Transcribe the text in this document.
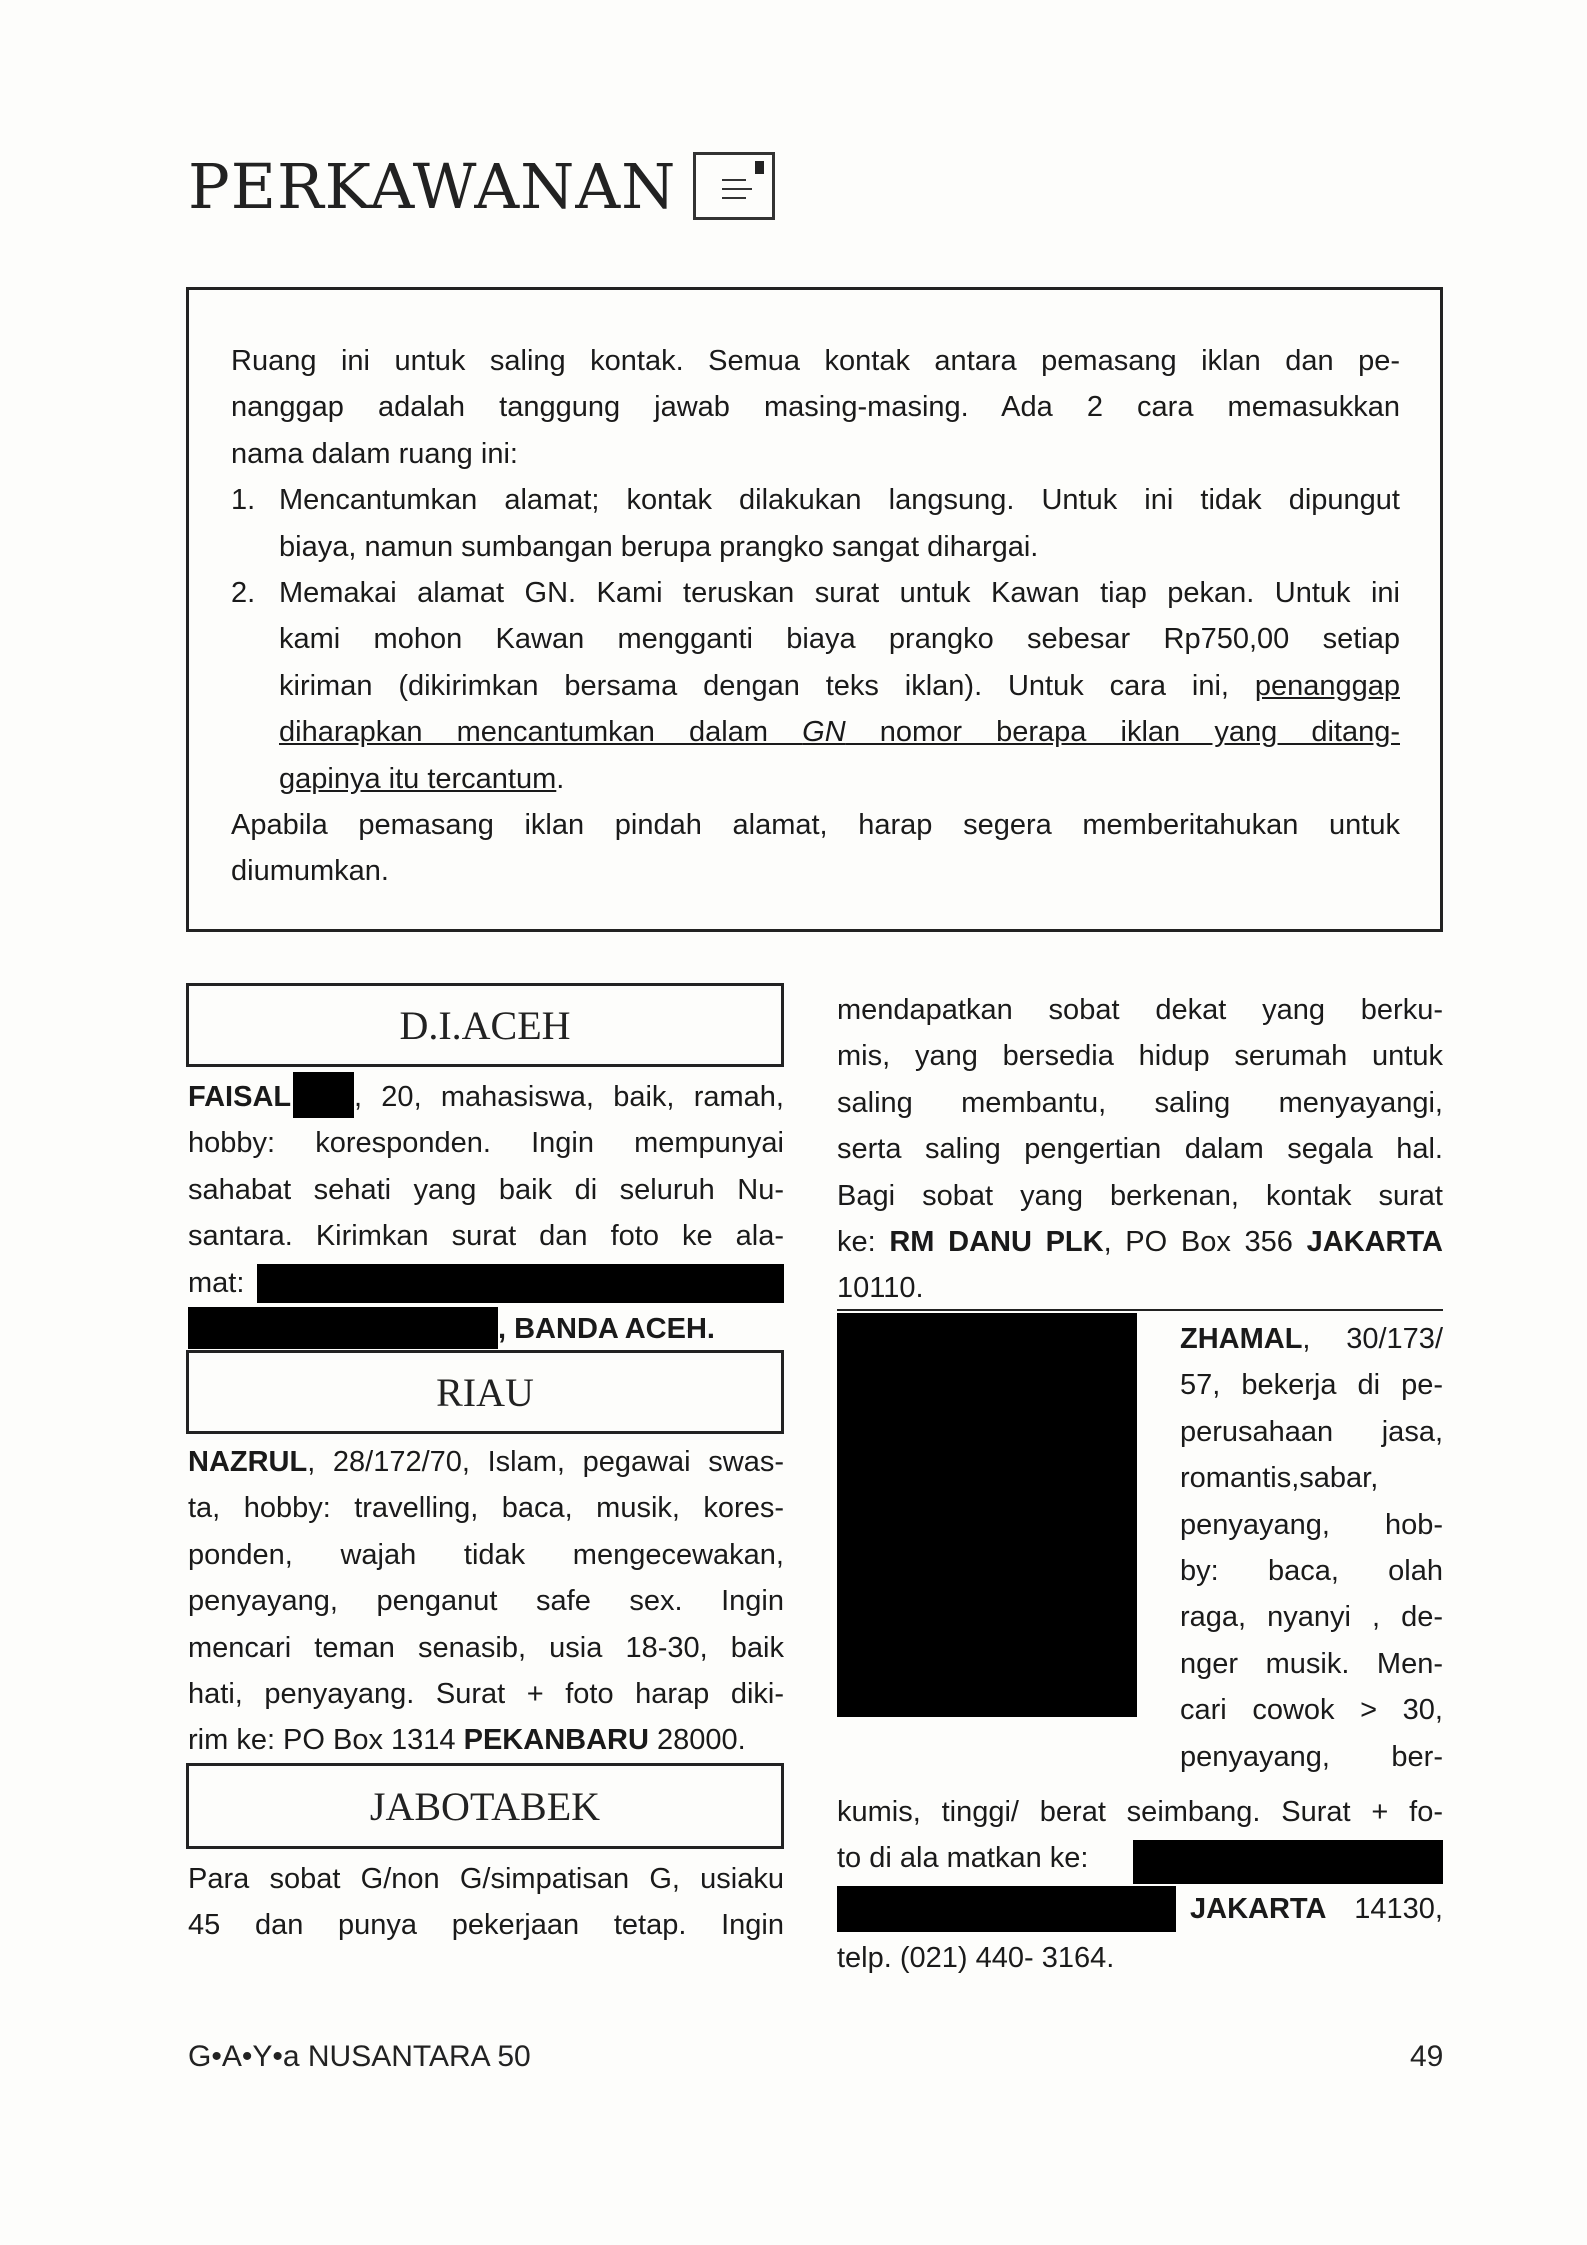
PERKAWANAN
D.I.ACEH
RIAU
JABOTABEK
Ruang ini untuk saling kontak. Semua kontak antara pemasang iklan dan pe-
nanggap adalah tanggung jawab masing-masing. Ada 2 cara memasukkan
nama dalam ruang ini:
1. Mencantumkan alamat; kontak dilakukan langsung. Untuk ini tidak dipungut
biaya, namun sumbangan berupa prangko sangat dihargai.
2. Memakai alamat GN. Kami teruskan surat untuk Kawan tiap pekan. Untuk ini
kami mohon Kawan mengganti biaya prangko sebesar Rp750,00 setiap
kiriman (dikirimkan bersama dengan teks iklan). Untuk cara ini, penanggap
diharapkan mencantumkan dalam GN nomor berapa iklan yang ditang-
gapinya itu tercantum.
Apabila pemasang iklan pindah alamat, harap segera memberitahukan untuk
diumumkan.
FAISAL , 20, mahasiswa, baik, ramah,
hobby: koresponden. Ingin mempunyai
sahabat sehati yang baik di seluruh Nu-
santara. Kirimkan surat dan foto ke ala-
mat:
, BANDA ACEH.
NAZRUL, 28/172/70, Islam, pegawai swas-
ta, hobby: travelling, baca, musik, kores-
ponden, wajah tidak mengecewakan,
penyayang, penganut safe sex. Ingin
mencari teman senasib, usia 18-30, baik
hati, penyayang. Surat + foto harap diki-
rim ke: PO Box 1314 PEKANBARU 28000.
Para sobat G/non G/simpatisan G, usiaku
45 dan punya pekerjaan tetap. Ingin
mendapatkan sobat dekat yang berku-
mis, yang bersedia hidup serumah untuk
saling membantu, saling menyayangi,
serta saling pengertian dalam segala hal.
Bagi sobat yang berkenan, kontak surat
ke: RM DANU PLK, PO Box 356 JAKARTA
10110.
ZHAMAL, 30/173/
57, bekerja di pe-
perusahaan jasa,
romantis,sabar,
penyayang, hob-
by: baca, olah
raga, nyanyi , de-
nger musik. Men-
cari cowok > 30,
penyayang, ber-
kumis, tinggi/ berat seimbang. Surat + fo-
to di ala matkan ke:
JAKARTA 14130,
telp. (021) 440- 3164.
G•A•Y•a NUSANTARA 50	49
